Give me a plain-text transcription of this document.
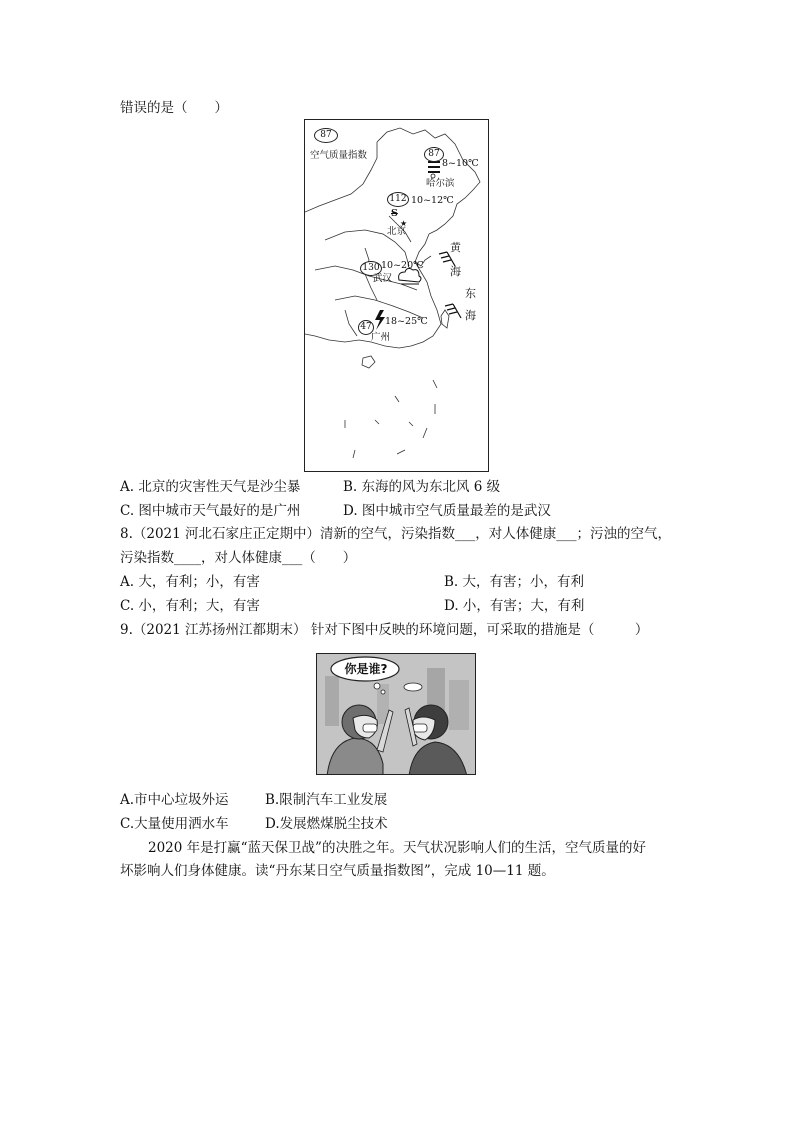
错误的是（　　）
★
87
空气质量指数	87
8~10℃
哈尔滨
112 10~12℃
S
北京
130 10~20℃
武汉
47 18~25℃
广州
黄
海
东
海
A. 北京的灾害性天气是沙尘暴	B. 东海的风为东北风 6 级
C. 图中城市天气最好的是广州	D. 图中城市空气质量最差的是武汉
8.（2021 河北石家庄正定期中）清新的空气，污染指数___，对人体健康___；污浊的空气，
污染指数____，对人体健康___（　　）
A. 大，有利；小，有害	B. 大，有害；小，有利
C. 小，有利；大，有害	D. 小，有害；大，有利
9.（2021 江苏扬州江都期末） 针对下图中反映的环境问题，可采取的措施是（　　　）
你是谁?
A.市中心垃圾外运	B.限制汽车工业发展
C.大量使用洒水车	D.发展燃煤脱尘技术
2020 年是打赢“蓝天保卫战”的决胜之年。天气状况影响人们的生活，空气质量的好
坏影响人们身体健康。读“丹东某日空气质量指数图”，完成 10—11 题。
